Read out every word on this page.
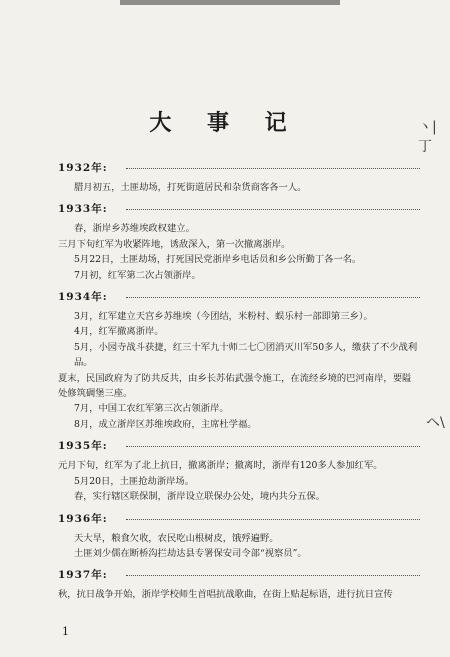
ヽ|丁
ヘ\
大 事 记
1932年:
腊月初五，土匪劫场，打死街道居民和杂货商客各一人。
1933年:
春，浙岸乡苏维埃政权建立。
三月下旬红军为收紧阵地，诱敌深入，第一次撤离浙岸。
5月22日，土匪劫场，打死国民党浙岸乡电话员和乡公所勤丁各一名。
7月初，红军第二次占领浙岸。
1934年:
3月，红军建立天宫乡苏维埃（今团结，米粉村、蜈乐村一部即第三乡）。
4月，红军撤离浙岸。
5月，小园寺战斗获捷，红三十军九十师二七〇团消灭川军50多人，缴获了不少战利品。
夏末，民国政府为了防共反共，由乡长苏佑武强令施工，在流经乡境的巴河南岸，要隘处修筑碉堡三座。
7月，中国工农红军第三次占领浙岸。
8月，成立浙岸区苏维埃政府，主席杜学福。
1935年:
元月下旬，红军为了北上抗日，撤离浙岸；撤离时，浙岸有120多人参加红军。
5月20日，土匪抢劫浙岸场。
春，实行辖区联保制，浙岸设立联保办公处，境内共分五保。
1936年:
天大旱，粮食欠收，农民吃山根树皮，饿殍遍野。
土匪刘少儒在断桥沟拦劫达县专署保安司令部“视察员”。
1937年:
秋，抗日战争开始，浙岸学校师生首唱抗战歌曲，在街上贴起标语，进行抗日宣传
1
